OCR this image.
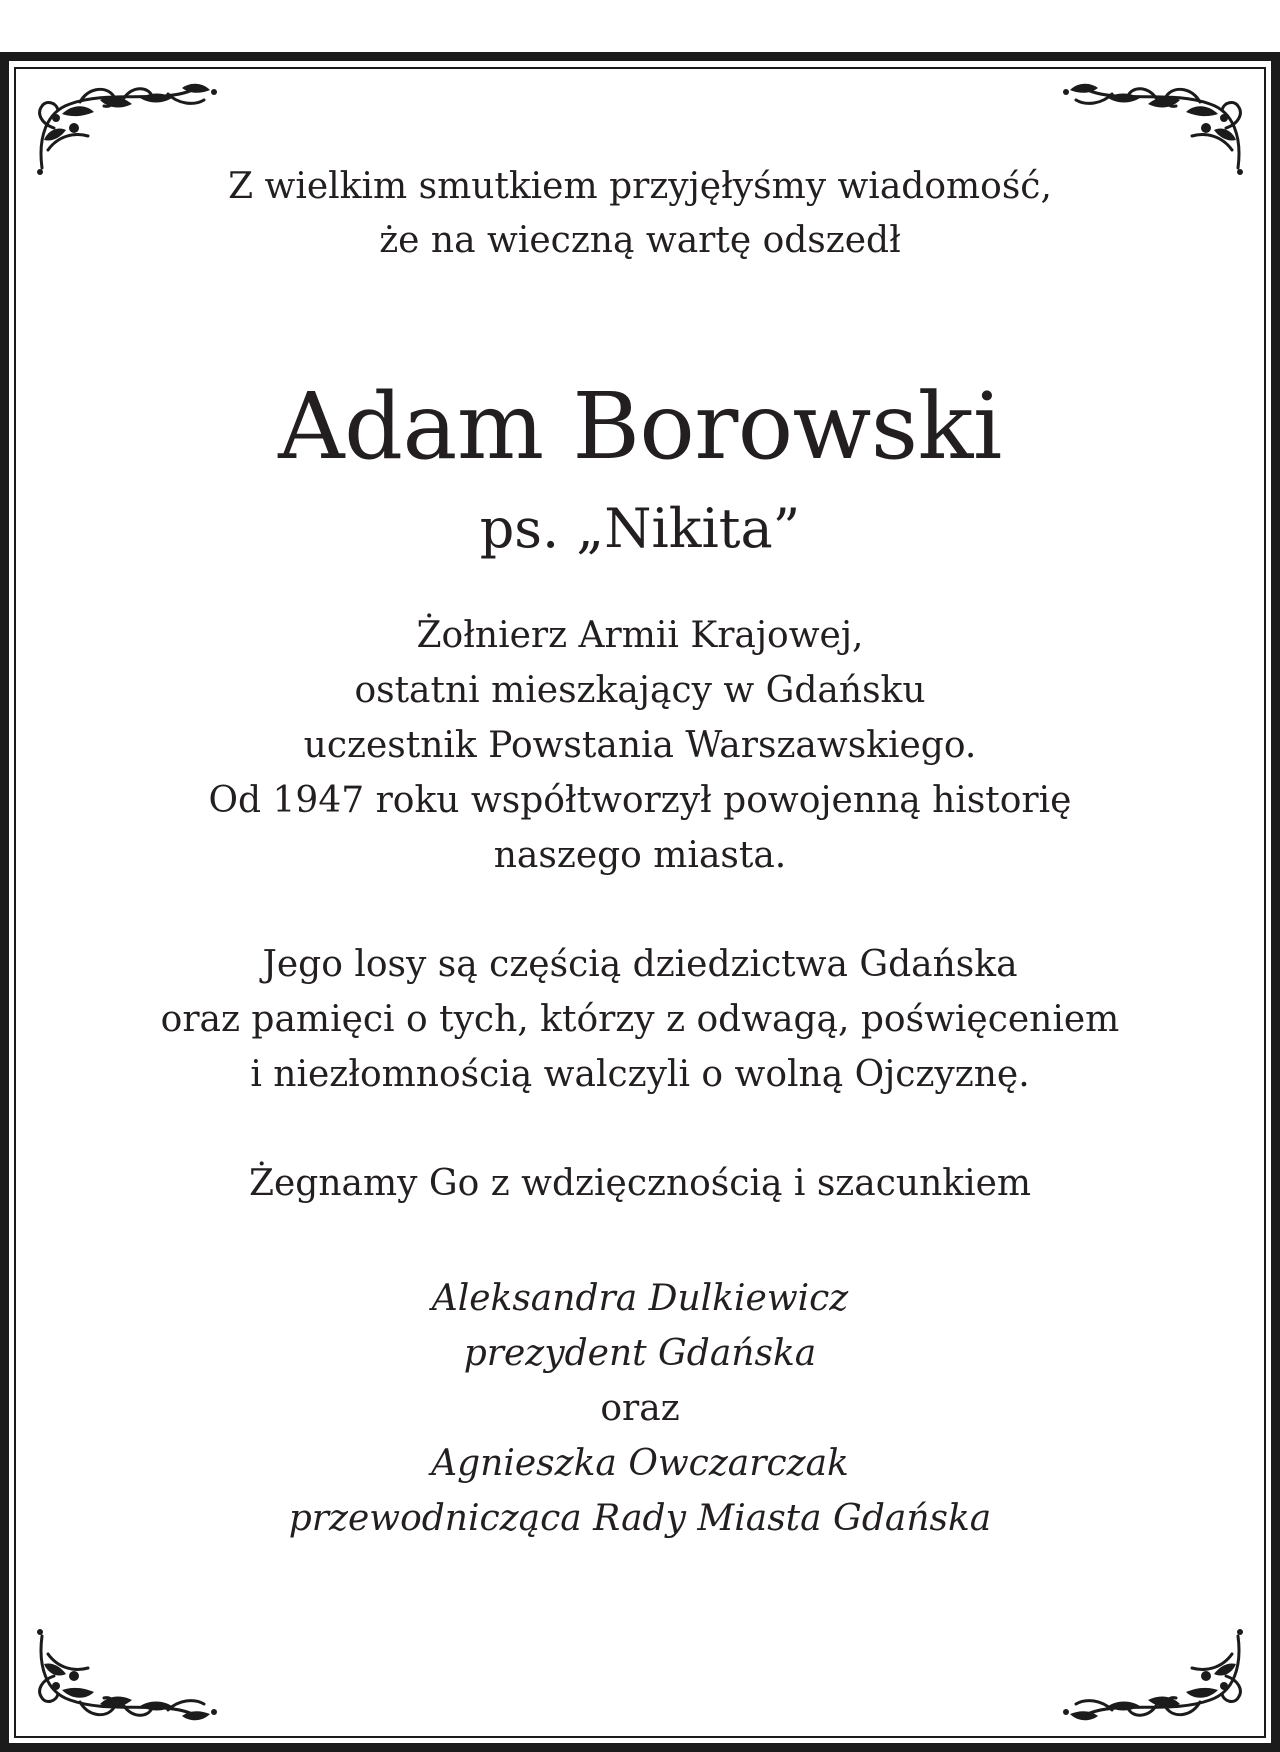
Z wielkim smutkiem przyjęłyśmy wiadomość,
że na wieczną wartę odszedł
Adam Borowski
ps. „Nikita”
Żołnierz Armii Krajowej,
ostatni mieszkający w Gdańsku
uczestnik Powstania Warszawskiego.
Od 1947 roku współtworzył powojenną historię
naszego miasta.
Jego losy są częścią dziedzictwa Gdańska
oraz pamięci o tych, którzy z odwagą, poświęceniem
i niezłomnością walczyli o wolną Ojczyznę.
Żegnamy Go z wdzięcznością i szacunkiem
Aleksandra Dulkiewicz
prezydent Gdańska
oraz
Agnieszka Owczarczak
przewodnicząca Rady Miasta Gdańska
